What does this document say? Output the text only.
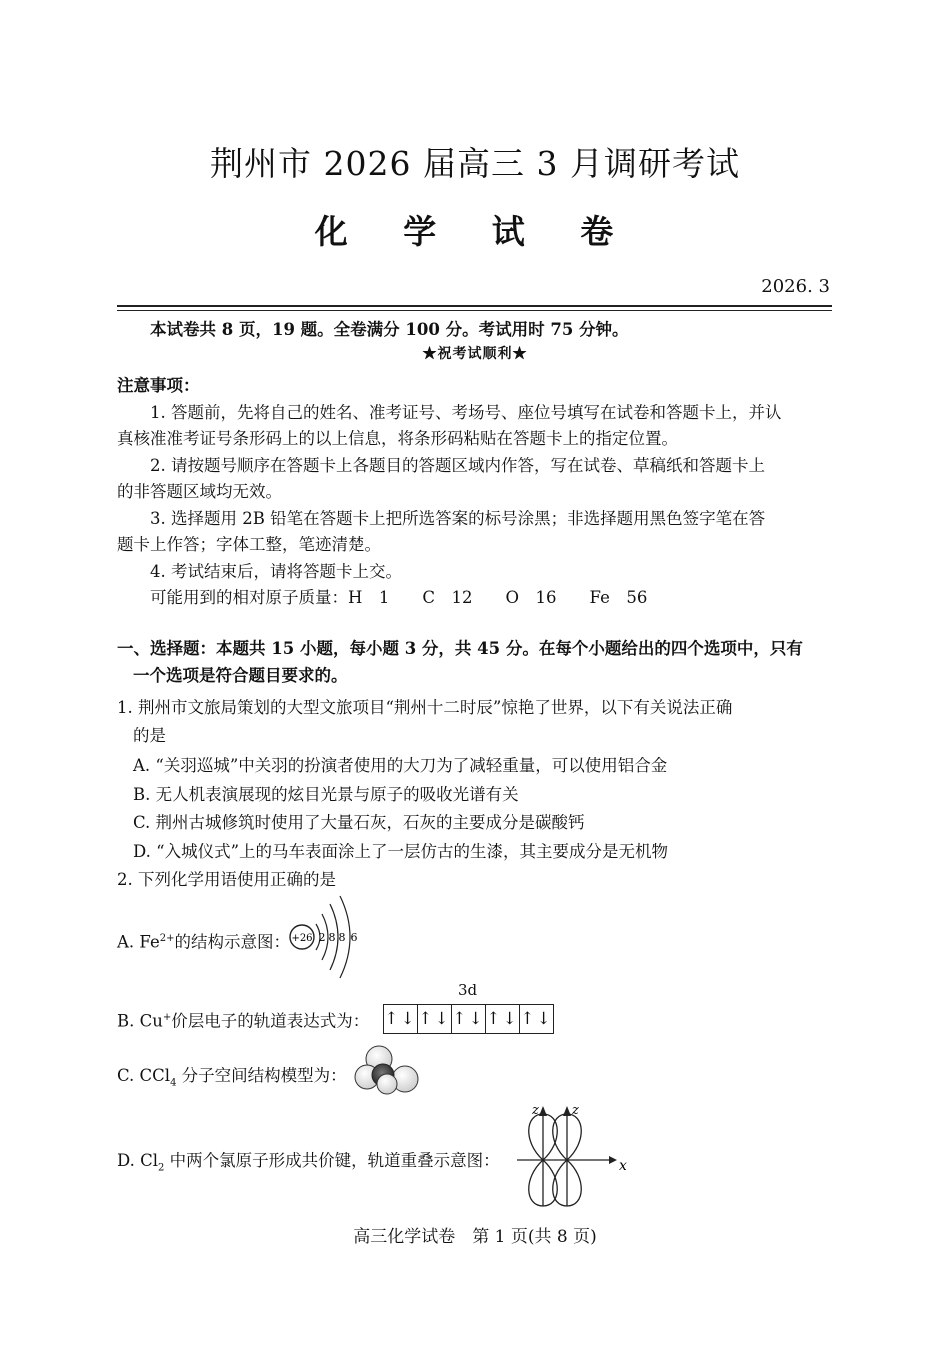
荆州市 2026 届高三 3 月调研考试
化 学 试 卷
2026. 3
本试卷共 8 页，19 题。全卷满分 100 分。考试用时 75 分钟。
★祝考试顺利★
注意事项：
1. 答题前，先将自己的姓名、准考证号、考场号、座位号填写在试卷和答题卡上，并认
真核准准考证号条形码上的以上信息，将条形码粘贴在答题卡上的指定位置。
2. 请按题号顺序在答题卡上各题目的答题区域内作答，写在试卷、草稿纸和答题卡上
的非答题区域均无效。
3. 选择题用 2B 铅笔在答题卡上把所选答案的标号涂黑；非选择题用黑色签字笔在答
题卡上作答；字体工整，笔迹清楚。
4. 考试结束后，请将答题卡上交。
可能用到的相对原子质量：H　1　　C　12　　O　16　　Fe　56
一、选择题：本题共 15 小题，每小题 3 分，共 45 分。在每个小题给出的四个选项中，只有
一个选项是符合题目要求的。
1. 荆州市文旅局策划的大型文旅项目“荆州十二时辰”惊艳了世界，以下有关说法正确
的是
A. “关羽巡城”中关羽的扮演者使用的大刀为了减轻重量，可以使用铝合金
B. 无人机表演展现的炫目光景与原子的吸收光谱有关
C. 荆州古城修筑时使用了大量石灰，石灰的主要成分是碳酸钙
D. “入城仪式”上的马车表面涂上了一层仿古的生漆，其主要成分是无机物
2. 下列化学用语使用正确的是
A. $Fe^{2+}$的结构示意图： +26 2 8 8 6
3d
B. Cu+价层电子的轨道表达式为： ↑↓ ↑↓ ↑↓ ↑↓ ↑↓
C. CCl$_4$ 分子空间结构模型为：
D. $Cl_2$ 中两个氯原子形成共价键，轨道重叠示意图：	x
z	z
高三化学试卷　第 1 页(共 8 页)
